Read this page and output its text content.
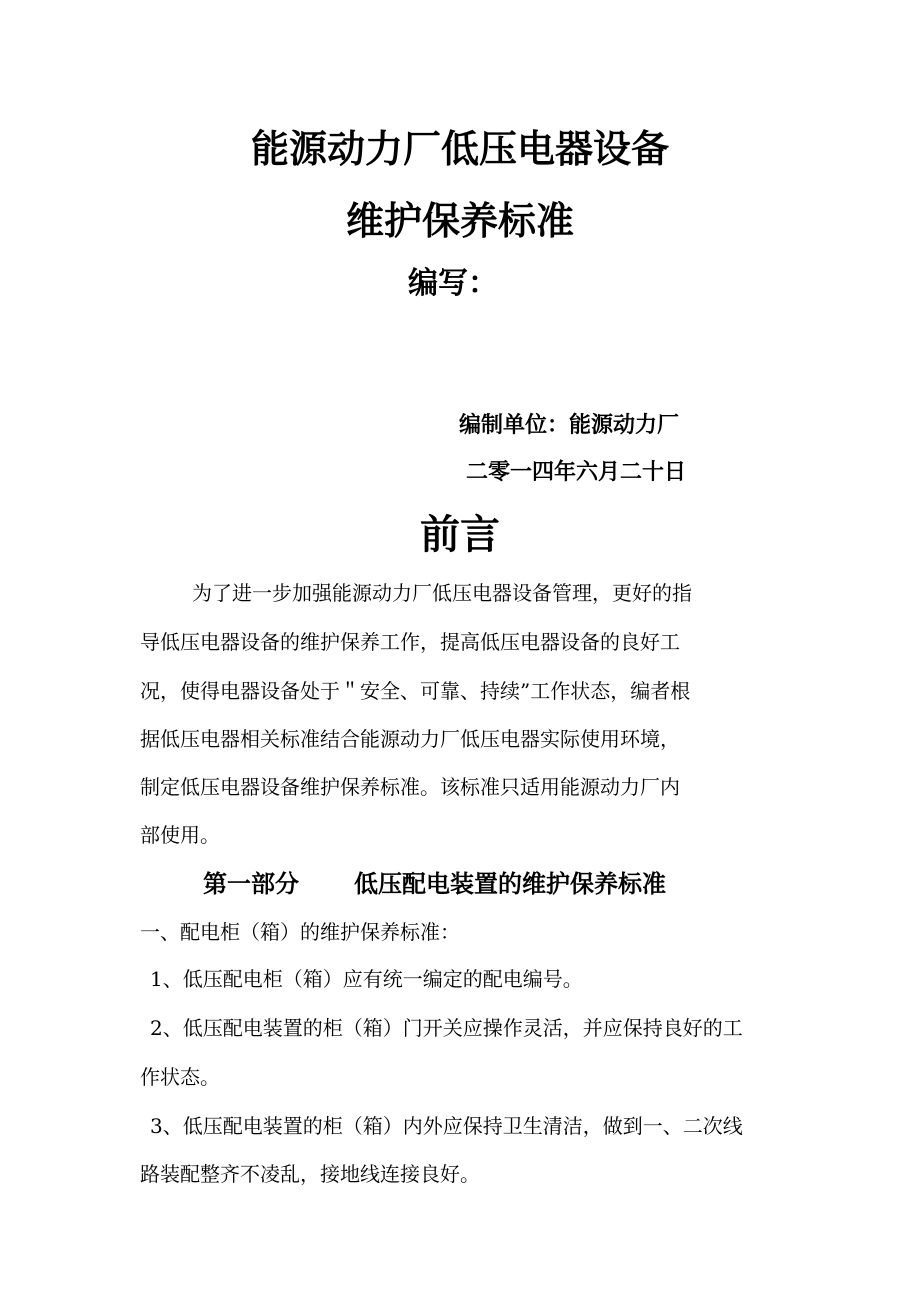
能源动力厂低压电器设备
维护保养标准
编写：
编制单位：能源动力厂
二零一四年六月二十日
前言
为了进一步加强能源动力厂低压电器设备管理，更好的指
导低压电器设备的维护保养工作，提高低压电器设备的良好工
况，使得电器设备处于＂安全、可靠、持续”工作状态，编者根
据低压电器相关标准结合能源动力厂低压电器实际使用环境，
制定低压电器设备维护保养标准。该标准只适用能源动力厂内
部使用。
第一部分 低压配电装置的维护保养标准
一、配电柜（箱）的维护保养标准：
1、低压配电柜（箱）应有统一编定的配电编号。
2、低压配电装置的柜（箱）门开关应操作灵活，并应保持良好的工
作状态。
3、低压配电装置的柜（箱）内外应保持卫生清洁，做到一、二次线
路装配整齐不凌乱，接地线连接良好。
